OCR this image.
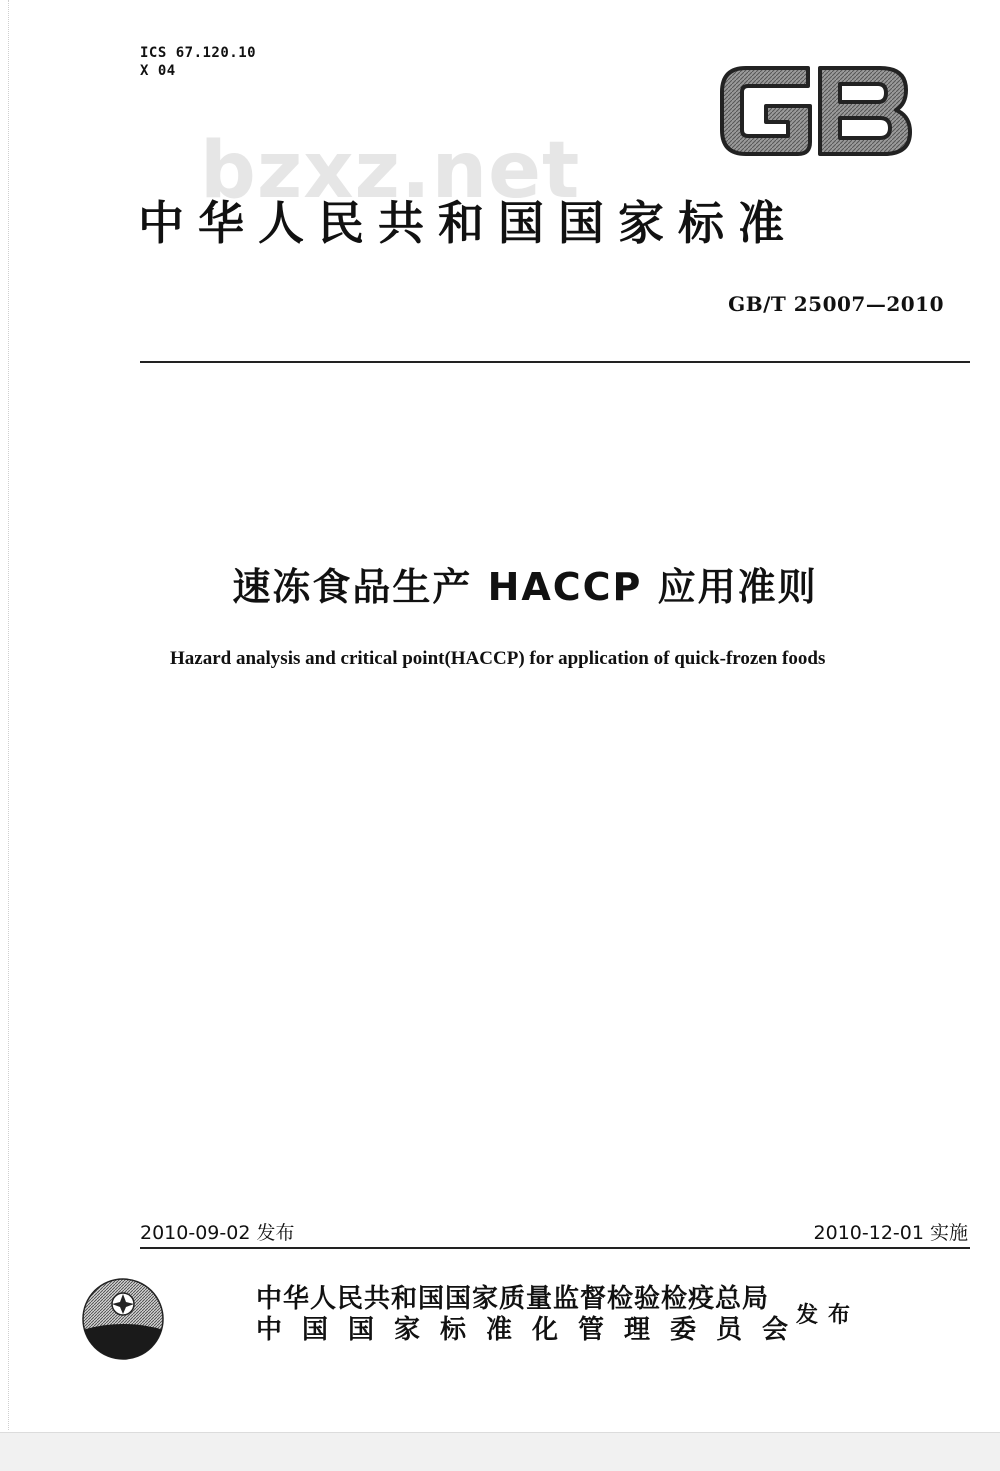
ICS 67.120.10
X 04
bzxz.net
中华人民共和国国家标准
GB/T 25007—2010
速冻食品生产 HACCP 应用准则
Hazard analysis and critical point(HACCP) for application of quick-frozen foods
2010-09-02 发布	2010-12-01 实施
中华人民共和国国家质量监督检验检疫总局
中国国家标准化管理委员会
发布
